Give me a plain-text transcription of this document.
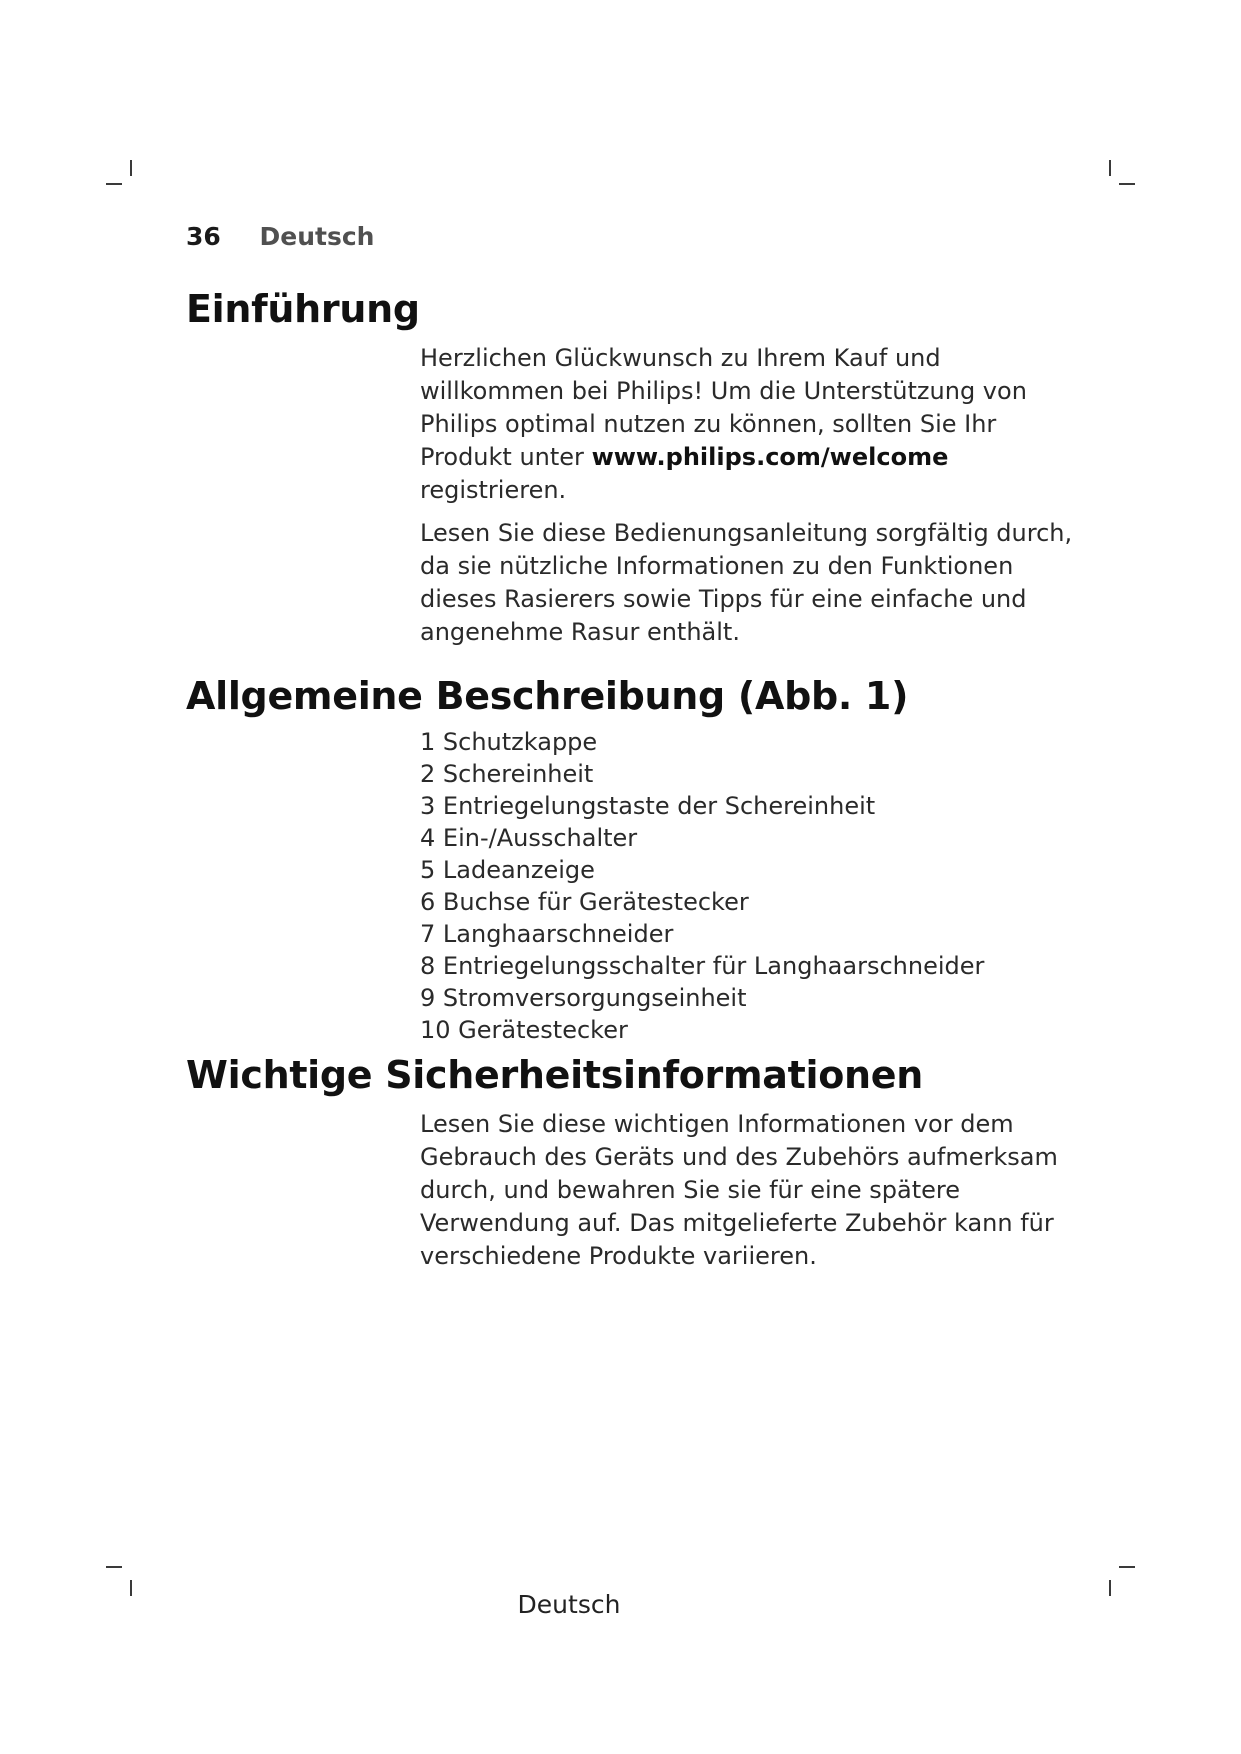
36 Deutsch
Einführung

Herzlichen Glückwunsch zu Ihrem Kauf und willkommen bei Philips! Um die Unterstützung von Philips optimal nutzen zu können, sollten Sie Ihr Produkt unter www.philips.com/welcome registrieren.

Lesen Sie diese Bedienungsanleitung sorgfältig durch, da sie nützliche Informationen zu den Funktionen dieses Rasierers sowie Tipps für eine einfache und angenehme Rasur enthält.

Allgemeine Beschreibung (Abb. 1)
1 Schutzkappe
2 Schereinheit
3 Entriegelungstaste der Schereinheit
4 Ein-/Ausschalter
5 Ladeanzeige
6 Buchse für Gerätestecker
7 Langhaarschneider
8 Entriegelungsschalter für Langhaarschneider
9 Stromversorgungseinheit
10 Gerätestecker
Wichtige Sicherheitsinformationen

Lesen Sie diese wichtigen Informationen vor dem Gebrauch des Geräts und des Zubehörs aufmerksam durch, und bewahren Sie sie für eine spätere Verwendung auf. Das mitgelieferte Zubehör kann für verschiedene Produkte variieren.

Deutsch
